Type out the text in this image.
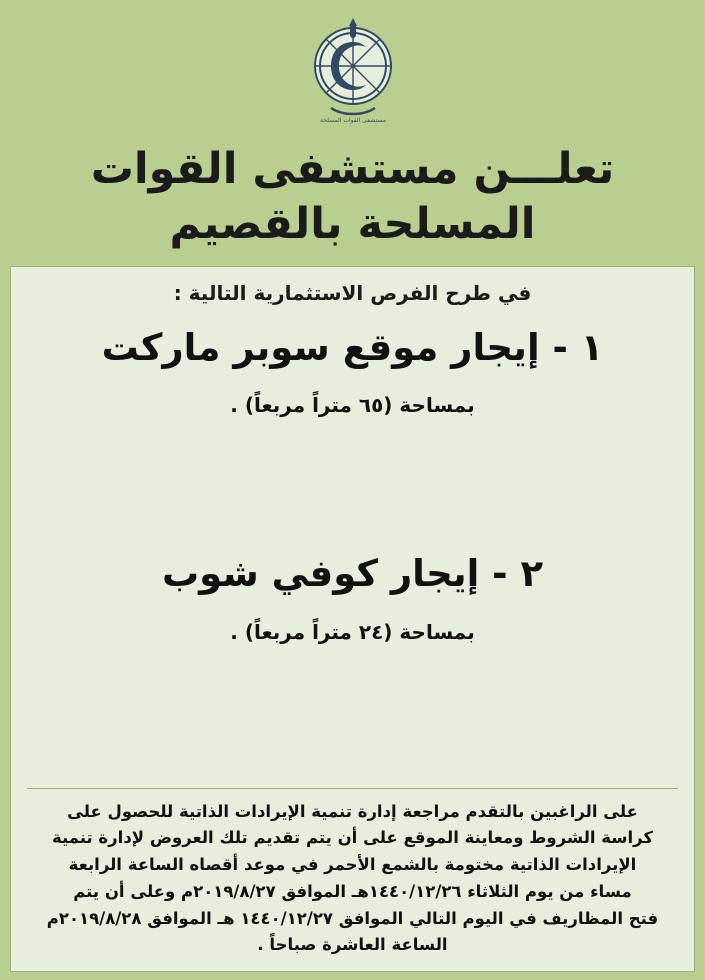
مستشفى القوات المسلحة
تعلـــن مستشفى القوات المسلحة بالقصيم
في طرح الفرص الاستثمارية التالية :
١ - إيجار موقع سوبر ماركت
بمساحة (٦٥ متراً مربعاً) .
٢ - إيجار كوفي شوب
بمساحة (٢٤ متراً مربعاً) .
على الراغبين بالتقدم مراجعة إدارة تنمية الإيرادات الذاتية للحصول على
كراسة الشروط ومعاينة الموقع على أن يتم تقديم تلك العروض لإدارة تنمية
الإيرادات الذاتية مختومة بالشمع الأحمر في موعد أقصاه الساعة الرابعة
مساء من يوم الثلاثاء ١٤٤٠/١٢/٢٦هـ الموافق ٢٠١٩/٨/٢٧م وعلى أن يتم
فتح المظاريف في اليوم التالي الموافق ١٤٤٠/١٢/٢٧ هـ الموافق ٢٠١٩/٨/٢٨م
الساعة العاشرة صباحاً .
